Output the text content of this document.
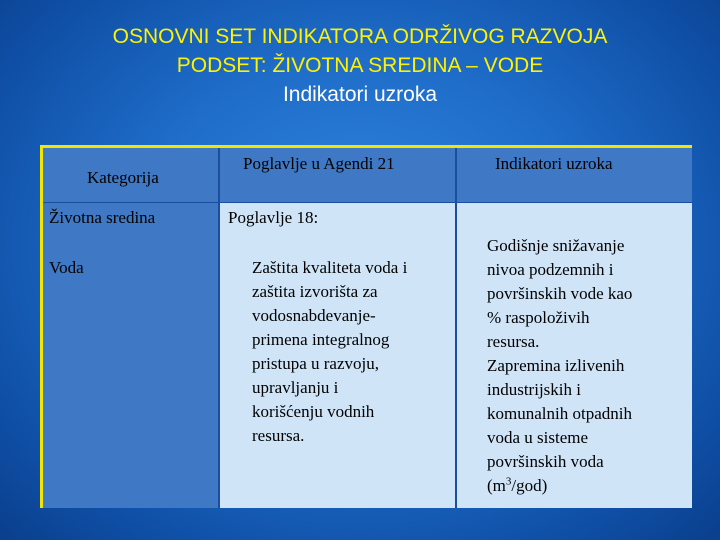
OSNOVNI SET INDIKATORA ODRŽIVOG RAZVOJA
PODSET: ŽIVOTNA SREDINA – VODE
Indikatori uzroka
Kategorija
Poglavlje u Agendi 21	Indikatori uzroka
Životna sredina
Voda
Poglavlje 18:
Zaštita kvaliteta voda i
zaštita izvorišta za
vodosnabdevanje-
primena integralnog
pristupa u razvoju,
upravljanju i
korišćenju vodnih
resursa.
Godišnje snižavanje
nivoa podzemnih i
površinskih vode kao
% raspoloživih
resursa.
Zapremina izlivenih
industrijskih i
komunalnih otpadnih
voda u sisteme
površinskih voda
$(m^3/god)$
